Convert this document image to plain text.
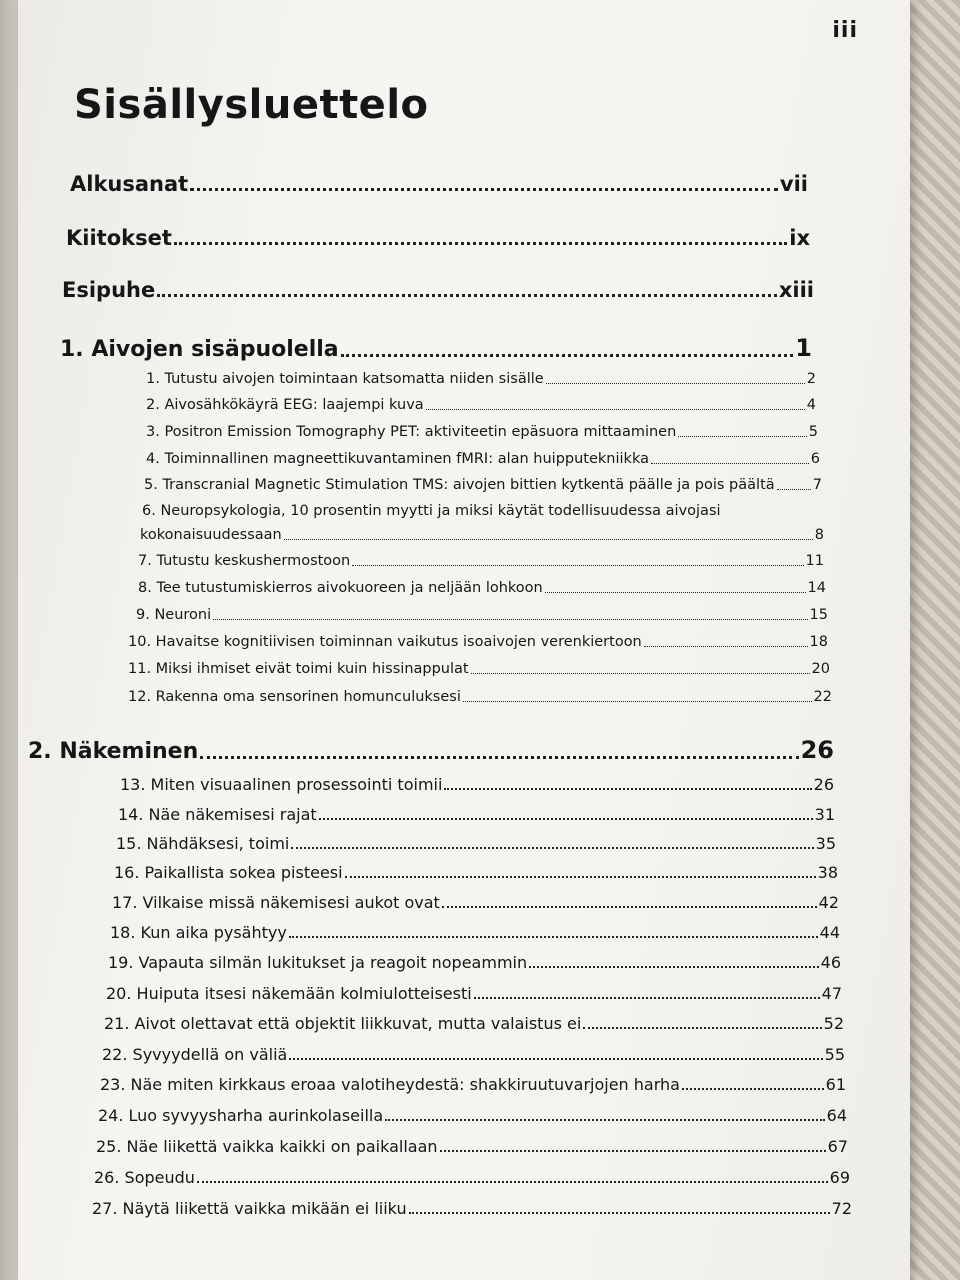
iii
Sisällysluettelo
Alkusanat	vii
Kiitokset	ix
Esipuhe	xiii
1. Aivojen sisäpuolella	1
1. Tutustu aivojen toimintaan katsomatta niiden sisälle	2
2. Aivosähkökäyrä EEG: laajempi kuva	4
3. Positron Emission Tomography PET: aktiviteetin epäsuora mittaaminen	5
4. Toiminnallinen magneettikuvantaminen fMRI: alan huipputekniikka	6
5. Transcranial Magnetic Stimulation TMS: aivojen bittien kytkentä päälle ja pois päältä	7
6. Neuropsykologia, 10 prosentin myytti ja miksi käytät todellisuudessa aivojasi
kokonaisuudessaan	8
7. Tutustu keskushermostoon	11
8. Tee tutustumiskierros aivokuoreen ja neljään lohkoon	14
9. Neuroni	15
10. Havaitse kognitiivisen toiminnan vaikutus isoaivojen verenkiertoon	18
11. Miksi ihmiset eivät toimi kuin hissinappulat	20
12. Rakenna oma sensorinen homunculuksesi	22
2. Näkeminen	26
13. Miten visuaalinen prosessointi toimii	26
14. Näe näkemisesi rajat	31
15. Nähdäksesi, toimi	35
16. Paikallista sokea pisteesi	38
17. Vilkaise missä näkemisesi aukot ovat	42
18. Kun aika pysähtyy	44
19. Vapauta silmän lukitukset ja reagoit nopeammin	46
20. Huiputa itsesi näkemään kolmiulotteisesti	47
21. Aivot olettavat että objektit liikkuvat, mutta valaistus ei	52
22. Syvyydellä on väliä	55
23. Näe miten kirkkaus eroaa valotiheydestä: shakkiruutuvarjojen harha	61
24. Luo syvyysharha aurinkolaseilla	64
25. Näe liikettä vaikka kaikki on paikallaan	67
26. Sopeudu	69
27. Näytä liikettä vaikka mikään ei liiku	72
